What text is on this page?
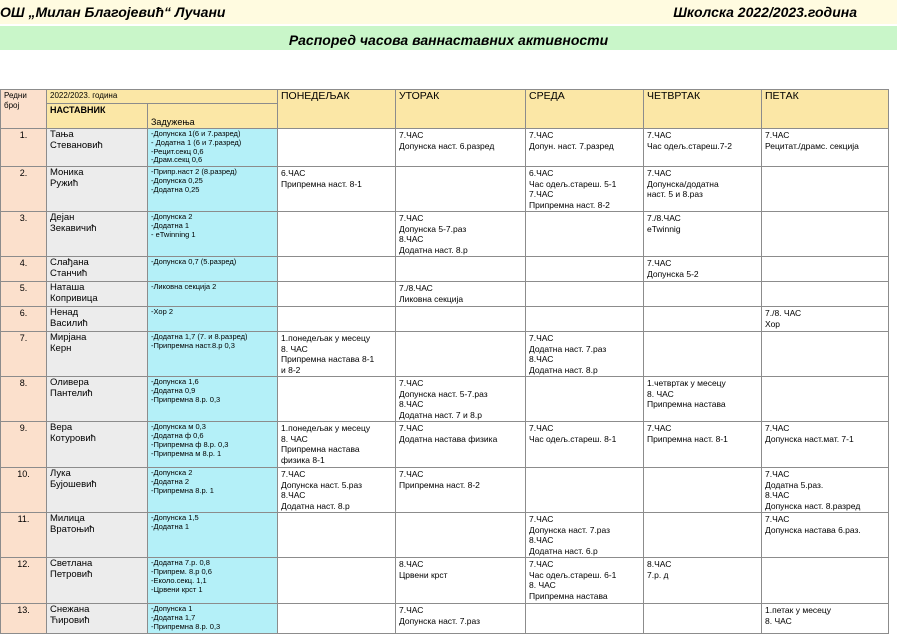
ОШ „Милан Благојевић“ Лучани	Школска 2022/2023.година
Распоред часова ваннаставних активности
Редни
број	2022/2023. година		ПОНЕДЕЉАК	УТОРАК	СРЕДА	ЧЕТВРТАК	ПЕТАК
	НАСТАВНИК						
		Задужења					
1.	Тања
Стевановић	-Допунска 1(6 и 7.разред)
- Додатна 1 (6 и 7.разред)
-Рецит.секц 0,6
-Драм.секц 0,6		7.ЧАС
Допунска наст. 6.разред	7.ЧАС
Допун. наст. 7.разред	7.ЧАС
Час одељ.стареш.7-2	7.ЧАС
Рецитат./драмс. секција
2.	Моника
Ружић	-Припр.наст 2 (8.разред)
-Допунска 0,25
-Додатна 0,25	6.ЧАС
Припремна наст. 8-1		6.ЧАС
Час одељ.стареш. 5-1
7.ЧАС
Припремна наст. 8-2	7.ЧАС
Допунска/додатна
наст. 5 и 8.раз	
3.	Дејан
Зекавичић	-Допунска 2
-Додатна 1
- eTwinning 1		7.ЧАС
Допунска 5-7.раз
8.ЧАС
Додатна наст. 8.р		7./8.ЧАС
eTwinnig	
4.	Слађана
Станчић	-Допунска 0,7 (5.разред)				7.ЧАС
Допунска 5-2	
5.	Наташа
Копривица	-Ликовна секција 2		7./8.ЧАС
Ликовна секција			
6.	Ненад
Василић	-Хор 2					7./8. ЧАС
Хор
7.	Мирјана
Керн	-Додатна 1,7 (7. и 8.разред)
-Припремна наст.8.р 0,3	1.понедељак у месецу
8. ЧАС
Припремна настава 8-1
и 8-2		7.ЧАС
Додатна наст. 7.раз
8.ЧАС
Додатна наст. 8.р		
8.	Оливера
Пантелић	-Допунска 1,6
-Додатна 0,9
-Припремна 8.р. 0,3		7.ЧАС
Допунска наст. 5-7.раз
8.ЧАС
Додатна наст. 7 и 8.р		1.четвртак у месецу
8. ЧАС
Припремна настава	
9.	Вера
Котуровић	-Допунска м 0,3
-Додатна ф 0,6
-Припремна ф 8.р. 0,3
-Припремна м 8.р. 1	1.понедељак у месецу
8. ЧАС
Припремна настава
физика 8-1	7.ЧАС
Додатна настава физика	7.ЧАС
Час одељ.стареш. 8-1	7.ЧАС
Припремна наст. 8-1	7.ЧАС
Допунска наст.мат. 7-1
10.	Лука
Бујошевић	-Допунска 2
-Додатна 2
-Припремна 8.р. 1	7.ЧАС
Допунска наст. 5.раз
8.ЧАС
Додатна наст. 8.р	7.ЧАС
Припремна наст. 8-2			7.ЧАС
Додатна 5.раз.
8.ЧАС
Допунска наст. 8.разред
11.	Милица
Вратоњић	-Допунска 1,5
-Додатна 1			7.ЧАС
Допунска наст. 7.раз
8.ЧАС
Додатна наст. 6.р		7.ЧАС
Допунска настава 6.раз.
12.	Светлана
Петровић	-Додатна 7.р. 0,8
-Припрем. 8.р 0,6
-Еколо.секц. 1,1
-Црвени крст 1		8.ЧАС
Црвени крст	7.ЧАС
Час одељ.стареш. 6-1
8. ЧАС
Припремна настава	8.ЧАС
7.р. д	
13.	Снежана
Ћировић	-Допунска 1
-Додатна 1,7
-Припремна 8.р. 0,3		7.ЧАС
Допунска наст. 7.раз			1.петак у месецу
8. ЧАС
